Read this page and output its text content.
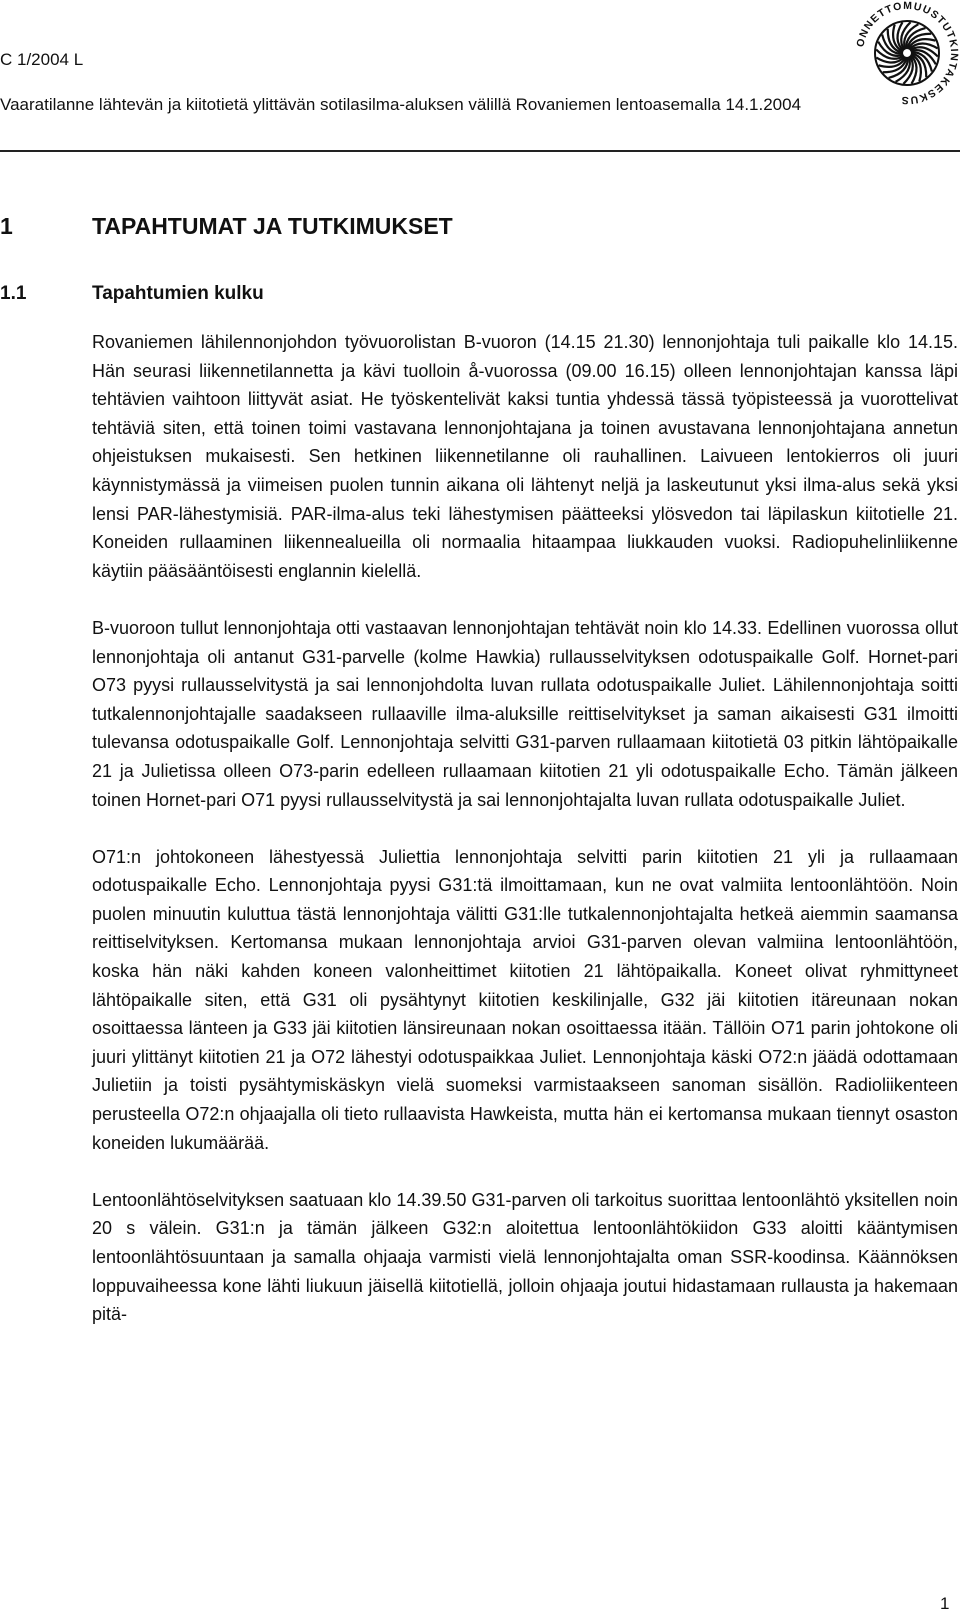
C 1/2004 L
Vaaratilanne lähtevän ja kiitotietä ylittävän sotilasilma-aluksen välillä Rovaniemen lentoasemalla 14.1.2004
ONNETTOMUUSTUTKINTAKESKUS
1	TAPAHTUMAT JA TUTKIMUKSET
1.1	Tapahtumien kulku

Rovaniemen lähilennonjohdon työvuorolistan B-vuoron (14.15 21.30) lennonjohtaja tuli paikalle klo 14.15. Hän seurasi liikennetilannetta ja kävi tuolloin å-vuorossa (09.00 16.15) olleen lennonjohtajan kanssa läpi tehtävien vaihtoon liittyvät asiat. He työskentelivät kaksi tuntia yhdessä tässä työpisteessä ja vuorottelivat tehtäviä siten, että toinen toimi vastavana lennonjohtajana ja toinen avustavana lennonjohtajana annetun ohjeistuksen mukaisesti. Sen hetkinen liikennetilanne oli rauhallinen. Laivueen lentokierros oli juuri käynnistymässä ja viimeisen puolen tunnin aikana oli lähtenyt neljä ja laskeutunut yksi ilma-alus sekä yksi lensi PAR-lähestymisiä. PAR-ilma-alus teki lähestymisen päätteeksi ylösvedon tai läpilaskun kiitotielle 21. Koneiden rullaaminen liikennealueilla oli normaalia hitaampaa liukkauden vuoksi. Radiopuhelinliikenne käytiin pääsääntöisesti englannin kielellä.

B-vuoroon tullut lennonjohtaja otti vastaavan lennonjohtajan tehtävät noin klo 14.33. Edellinen vuorossa ollut lennonjohtaja oli antanut G31-parvelle (kolme Hawkia) rullausselvityksen odotuspaikalle Golf. Hornet-pari O73 pyysi rullausselvitystä ja sai lennonjohdolta luvan rullata odotuspaikalle Juliet. Lähilennonjohtaja soitti tutkalennonjohtajalle saadakseen rullaaville ilma-aluksille reittiselvitykset ja saman aikaisesti G31 ilmoitti tulevansa odotuspaikalle Golf. Lennonjohtaja selvitti G31-parven rullaamaan kiitotietä 03 pitkin lähtöpaikalle 21 ja Julietissa olleen O73-parin edelleen rullaamaan kiitotien 21 yli odotuspaikalle Echo. Tämän jälkeen toinen Hornet-pari O71 pyysi rullausselvitystä ja sai lennonjohtajalta luvan rullata odotuspaikalle Juliet.

O71:n johtokoneen lähestyessä Juliettia lennonjohtaja selvitti parin kiitotien 21 yli ja rullaamaan odotuspaikalle Echo. Lennonjohtaja pyysi G31:tä ilmoittamaan, kun ne ovat valmiita lentoonlähtöön. Noin puolen minuutin kuluttua tästä lennonjohtaja välitti G31:lle tutkalennonjohtajalta hetkeä aiemmin saamansa reittiselvityksen. Kertomansa mukaan lennonjohtaja arvioi G31-parven olevan valmiina lentoonlähtöön, koska hän näki kahden koneen valonheittimet kiitotien 21 lähtöpaikalla. Koneet olivat ryhmittyneet lähtöpaikalle siten, että G31 oli pysähtynyt kiitotien keskilinjalle, G32 jäi kiitotien itäreunaan nokan osoittaessa länteen ja G33 jäi kiitotien länsireunaan nokan osoittaessa itään. Tällöin O71 parin johtokone oli juuri ylittänyt kiitotien 21 ja O72 lähestyi odotuspaikkaa Juliet. Lennonjohtaja käski O72:n jäädä odottamaan Julietiin ja toisti pysähtymiskäskyn vielä suomeksi varmistaakseen sanoman sisällön. Radioliikenteen perusteella O72:n ohjaajalla oli tieto rullaavista Hawkeista, mutta hän ei kertomansa mukaan tiennyt osaston koneiden lukumäärää.

Lentoonlähtöselvityksen saatuaan klo 14.39.50 G31-parven oli tarkoitus suorittaa lentoonlähtö yksitellen noin 20 s välein. G31:n ja tämän jälkeen G32:n aloitettua lentoonlähtökiidon G33 aloitti kääntymisen lentoonlähtösuuntaan ja samalla ohjaaja varmisti vielä lennonjohtajalta oman SSR-koodinsa. Käännöksen loppuvaiheessa kone lähti liukuun jäisellä kiitotiellä, jolloin ohjaaja joutui hidastamaan rullausta ja hakemaan pitä-

1
